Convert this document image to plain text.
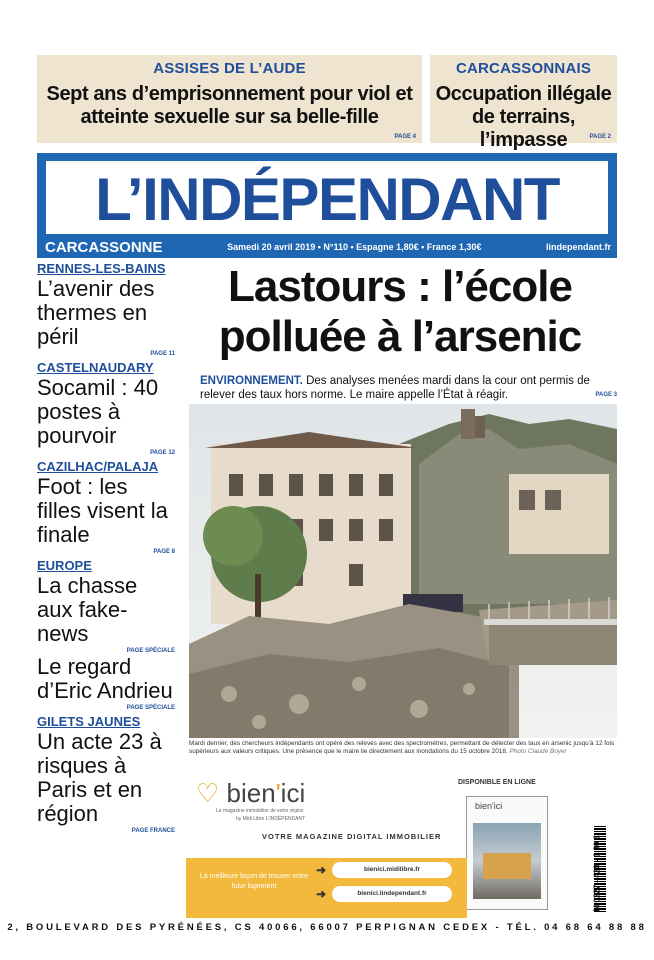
ASSISES DE L’AUDE
Sept ans d’emprisonnement pour viol et atteinte sexuelle sur sa belle-fille
PAGE 4
CARCASSONNAIS
Occupation illégale de terrains, l’impasse	PAGE 2
L’INDÉPENDANT
CARCASSONNE	Samedi 20 avril 2019 • N°110 • Espagne 1,80€ • France 1,30€	lindependant.fr
RENNES-LES-BAINS
L’avenir des thermes en péril
PAGE 11
CASTELNAUDARY
Socamil : 40 postes à pourvoir
PAGE 12
CAZILHAC/PALAJA
Foot : les filles visent la finale
PAGE 8
EUROPE
La chasse aux fake-news
PAGE SPÉCIALE
Le regard d’Eric Andrieu
PAGE SPÉCIALE
GILETS JAUNES
Un acte 23 à risques à Paris et en région
PAGE FRANCE
Lastours : l’école polluée à l’arsenic
ENVIRONNEMENT. Des analyses menées mardi dans la cour ont permis de relever des taux hors norme. Le maire appelle l’État à réagir.	PAGE 3
Mardi dernier, des chercheurs indépendants ont opéré des relevés avec des spectromètres, permettant de détecter des taux en arsenic jusqu’à 12 fois supérieurs aux valeurs critiques. Une présence que le maire lie directement aux inondations du 15 octobre 2018. Photo Claude Boyer
♡ bien'ici
Le magazine immobilier de votre région
by Midi Libre L’INDÉPENDANT
DISPONIBLE EN LIGNE
bien'ici
VOTRE MAGAZINE DIGITAL IMMOBILIER
La meilleure façon de trouver votre futur logement
➜	bienici.midilibre.fr
➜	bienici.lindependant.fr	M 0227 - 420 - 1,30 €
2, BOULEVARD DES PYRÉNÉES, CS 40066, 66007 PERPIGNAN CEDEX - TÉL. 04 68 64 88 88
